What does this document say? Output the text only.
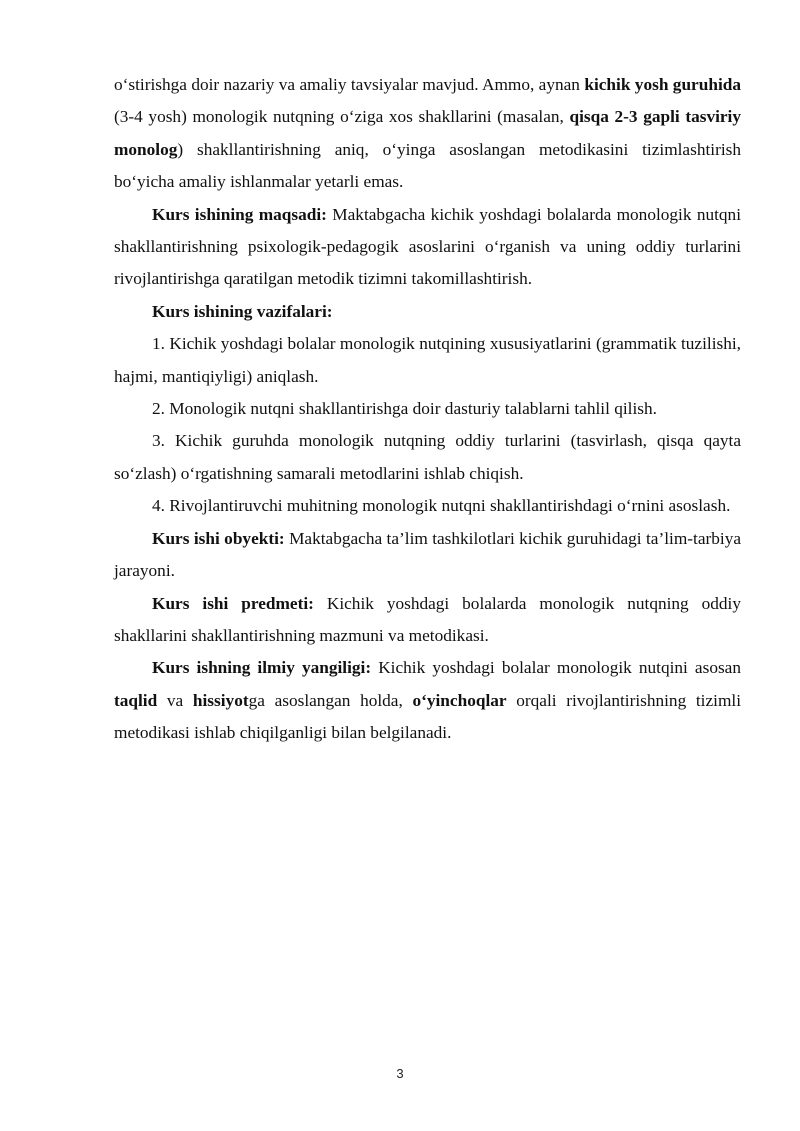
o‘stirishga doir nazariy va amaliy tavsiyalar mavjud. Ammo, aynan kichik yosh guruhida (3-4 yosh) monologik nutqning o‘ziga xos shakllarini (masalan, qisqa 2-3 gapli tasviriy monolog) shakllantirishning aniq, o‘yinga asoslangan metodikasini tizimlashtirish bo‘yicha amaliy ishlanmalar yetarli emas.

Kurs ishining maqsadi: Maktabgacha kichik yoshdagi bolalarda monologik nutqni shakllantirishning psixologik-pedagogik asoslarini o‘rganish va uning oddiy turlarini rivojlantirishga qaratilgan metodik tizimni takomillashtirish.

Kurs ishining vazifalari:

1. Kichik yoshdagi bolalar monologik nutqining xususiyatlarini (grammatik tuzilishi, hajmi, mantiqiyligi) aniqlash.

2. Monologik nutqni shakllantirishga doir dasturiy talablarni tahlil qilish.

3. Kichik guruhda monologik nutqning oddiy turlarini (tasvirlash, qisqa qayta so‘zlash) o‘rgatishning samarali metodlarini ishlab chiqish.

4. Rivojlantiruvchi muhitning monologik nutqni shakllantirishdagi o‘rnini asoslash.

Kurs ishi obyekti: Maktabgacha ta’lim tashkilotlari kichik guruhidagi ta’lim-tarbiya jarayoni.

Kurs ishi predmeti: Kichik yoshdagi bolalarda monologik nutqning oddiy shakllarini shakllantirishning mazmuni va metodikasi.

Kurs ishning ilmiy yangiligi: Kichik yoshdagi bolalar monologik nutqini asosan taqlid va hissiyotga asoslangan holda, o‘yinchoqlar orqali rivojlantirishning tizimli metodikasi ishlab chiqilganligi bilan belgilanadi.

3
